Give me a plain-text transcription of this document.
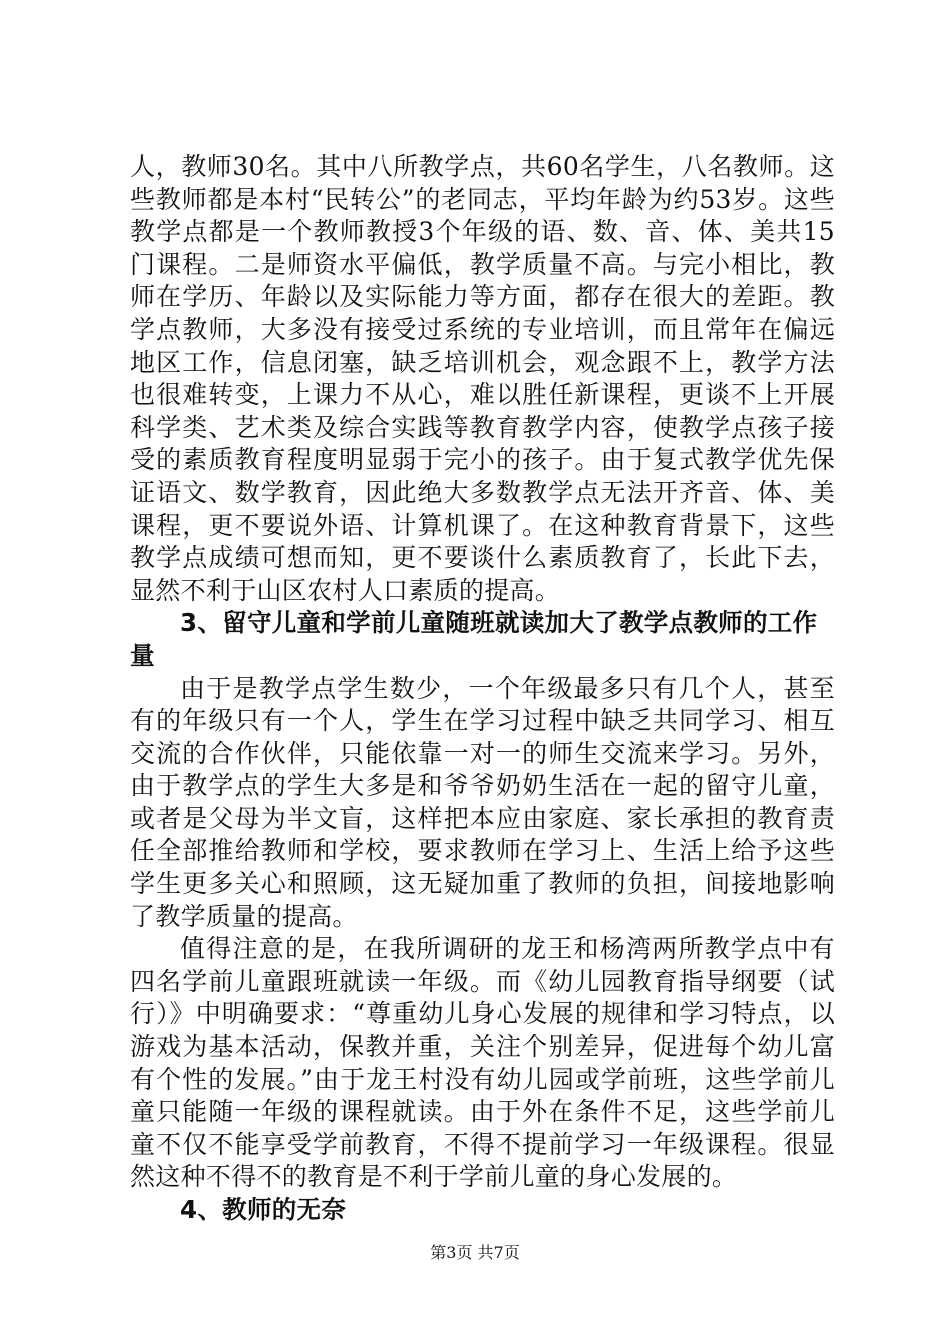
人，教师30名。其中八所教学点，共60名学生，八名教师。这些教师都是本村“民转公”的老同志，平均年龄为约53岁。这些教学点都是一个教师教授3个年级的语、数、音、体、美共15门课程。二是师资水平偏低，教学质量不高。与完小相比，教师在学历、年龄以及实际能力等方面，都存在很大的差距。教学点教师，大多没有接受过系统的专业培训，而且常年在偏远地区工作，信息闭塞，缺乏培训机会，观念跟不上，教学方法也很难转变，上课力不从心，难以胜任新课程，更谈不上开展科学类、艺术类及综合实践等教育教学内容，使教学点孩子接受的素质教育程度明显弱于完小的孩子。由于复式教学优先保证语文、数学教育，因此绝大多数教学点无法开齐音、体、美课程，更不要说外语、计算机课了。在这种教育背景下，这些教学点成绩可想而知，更不要谈什么素质教育了，长此下去，显然不利于山区农村人口素质的提高。

3、留守儿童和学前儿童随班就读加大了教学点教师的工作量

由于是教学点学生数少，一个年级最多只有几个人，甚至有的年级只有一个人，学生在学习过程中缺乏共同学习、相互交流的合作伙伴，只能依靠一对一的师生交流来学习。另外，由于教学点的学生大多是和爷爷奶奶生活在一起的留守儿童，或者是父母为半文盲，这样把本应由家庭、家长承担的教育责任全部推给教师和学校，要求教师在学习上、生活上给予这些学生更多关心和照顾，这无疑加重了教师的负担，间接地影响了教学质量的提高。

值得注意的是，在我所调研的龙王和杨湾两所教学点中有四名学前儿童跟班就读一年级。而《幼儿园教育指导纲要（试行）》中明确要求：“尊重幼儿身心发展的规律和学习特点，以游戏为基本活动，保教并重，关注个别差异，促进每个幼儿富有个性的发展。”由于龙王村没有幼儿园或学前班，这些学前儿童只能随一年级的课程就读。由于外在条件不足，这些学前儿童不仅不能享受学前教育，不得不提前学习一年级课程。很显然这种不得不的教育是不利于学前儿童的身心发展的。

4、教师的无奈

第3页 共7页
